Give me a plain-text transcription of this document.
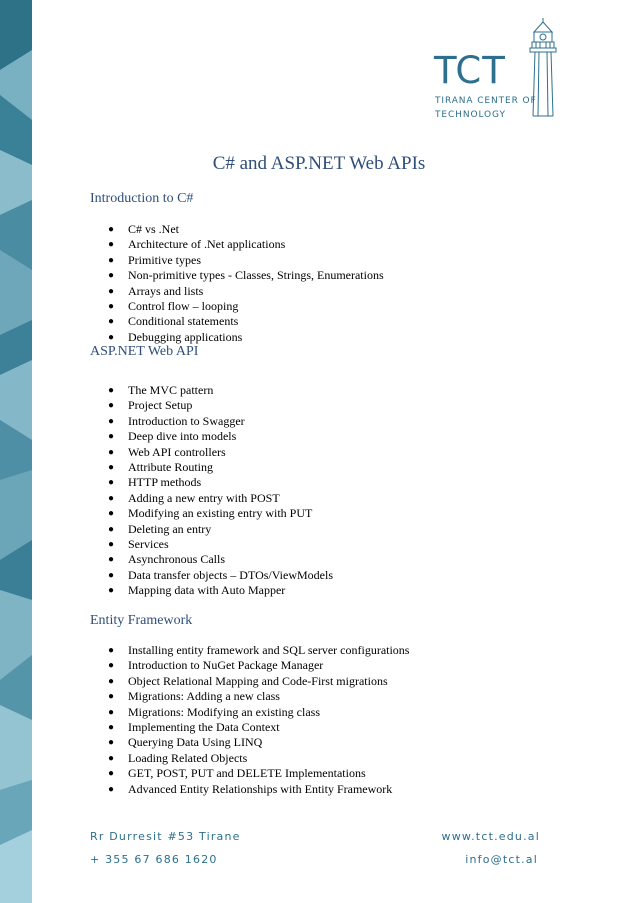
TCT
TIRANA CENTER OF
TECHNOLOGY
C# and ASP.NET Web APIs
Introduction to C#
● C# vs .Net
● Architecture of .Net applications
● Primitive types
● Non-primitive types - Classes, Strings, Enumerations
● Arrays and lists
● Control flow – looping
● Conditional statements
● Debugging applications
ASP.NET Web API
● The MVC pattern
● Project Setup
● Introduction to Swagger
● Deep dive into models
● Web API controllers
● Attribute Routing
● HTTP methods
● Adding a new entry with POST
● Modifying an existing entry with PUT
● Deleting an entry
● Services
● Asynchronous Calls
● Data transfer objects – DTOs/ViewModels
● Mapping data with Auto Mapper
Entity Framework
● Installing entity framework and SQL server configurations
● Introduction to NuGet Package Manager
● Object Relational Mapping and Code-First migrations
● Migrations: Adding a new class
● Migrations: Modifying an existing class
● Implementing the Data Context
● Querying Data Using LINQ
● Loading Related Objects
● GET, POST, PUT and DELETE Implementations
● Advanced Entity Relationships with Entity Framework
Rr Durresit #53 Tirane
+ 355 67 686 1620
www.tct.edu.al
info@tct.al
